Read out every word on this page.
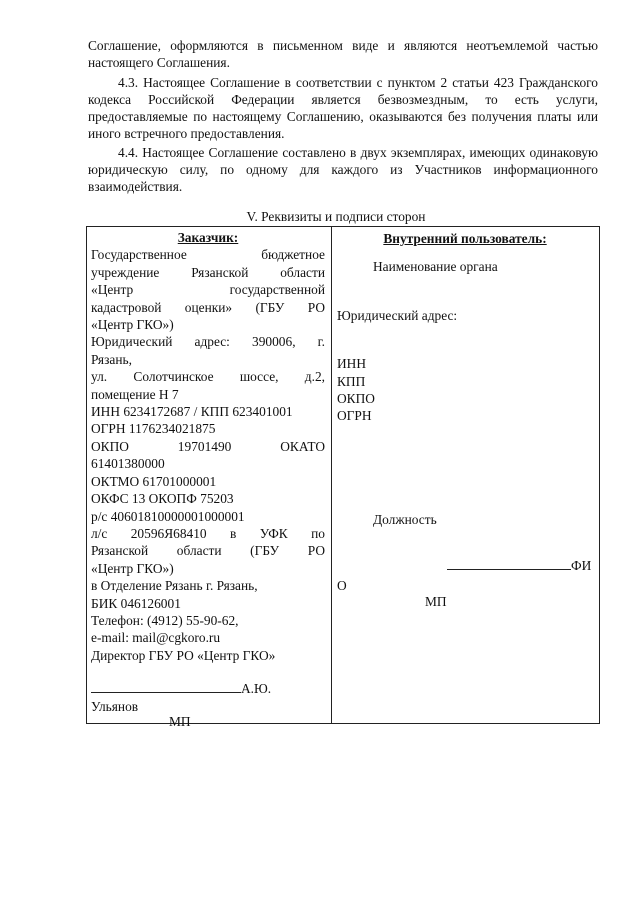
Соглашение, оформляются в письменном виде и являются неотъемлемой частью настоящего Соглашения.

4.3. Настоящее Соглашение в соответствии с пунктом 2 статьи 423 Гражданского кодекса Российской Федерации является безвозмездным, то есть услуги, предоставляемые по настоящему Соглашению, оказываются без получения платы или иного встречного предоставления.

4.4. Настоящее Соглашение составлено в двух экземплярах, имеющих одинаковую юридическую силу, по одному для каждого из Участников информационного взаимодействия.

V. Реквизиты и подписи сторон

Заказчик:
Государственное бюджетное
учреждение Рязанской области
«Центр государственной
кадастровой оценки» (ГБУ РО
«Центр ГКО»)
Юридический адрес: 390006, г.
Рязань,
ул. Солотчинское шоссе, д.2,
помещение Н 7
ИНН 6234172687 / КПП 623401001
ОГРН 1176234021875
ОКПО 19701490 ОКАТО
61401380000
ОКТМО 61701000001
ОКФС 13 ОКОПФ 75203
р/с 40601810000001000001
л/с 20596Я68410 в УФК по
Рязанской области (ГБУ РО
«Центр ГКО»)
в Отделение Рязань г. Рязань,
БИК 046126001
Телефон: (4912) 55-90-62,
e-mail: mail@cgkoro.ru
Директор ГБУ РО «Центр ГКО»
А.Ю.
Ульянов
МП
Внутренний пользователь:
Наименование органа
Юридический адрес:
ИНН
КПП
ОКПО
ОГРН
Должность
ФИ
О
МП
